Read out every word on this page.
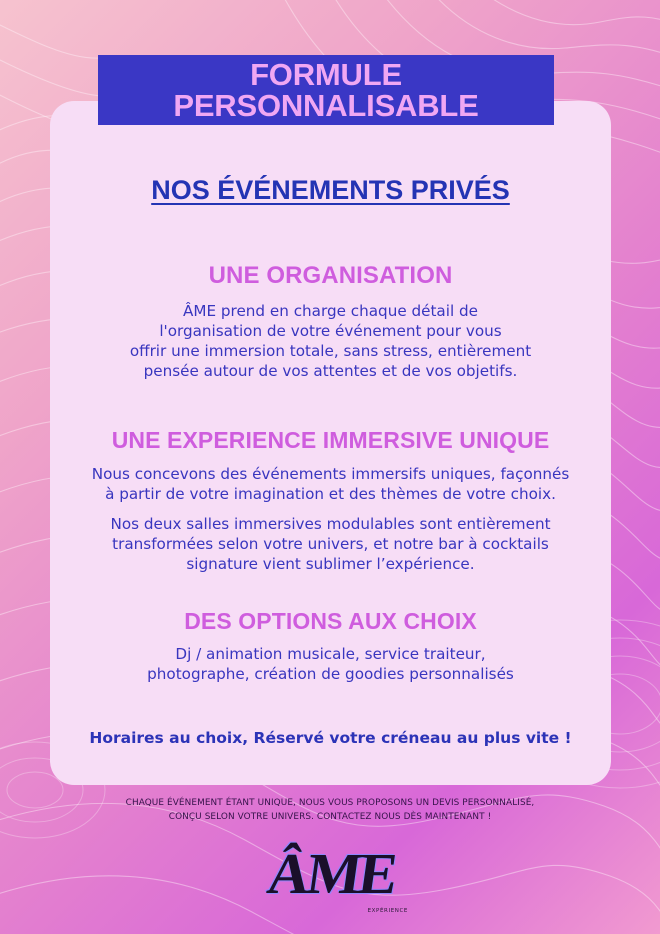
FORMULE PERSONNALISABLE
NOS ÉVÉNEMENTS PRIVÉS
UNE ORGANISATION

ÂME prend en charge chaque détail de
l'organisation de votre événement pour vous
offrir une immersion totale, sans stress, entièrement
pensée autour de vos attentes et de vos objetifs.

UNE EXPERIENCE IMMERSIVE UNIQUE

Nous concevons des événements immersifs uniques, façonnés
à partir de votre imagination et des thèmes de votre choix.

Nos deux salles immersives modulables sont entièrement
transformées selon votre univers, et notre bar à cocktails
signature vient sublimer l’expérience.

DES OPTIONS AUX CHOIX

Dj / animation musicale, service traiteur,
photographe, création de goodies personnalisés

Horaires au choix, Réservé votre créneau au plus vite !
CHAQUE ÉVÉNEMENT ÉTANT UNIQUE, NOUS VOUS PROPOSONS UN DEVIS PERSONNALISÉ,
CONÇU SELON VOTRE UNIVERS. CONTACTEZ NOUS DÈS MAINTENANT !
ÂME
EXPÉRIENCE
